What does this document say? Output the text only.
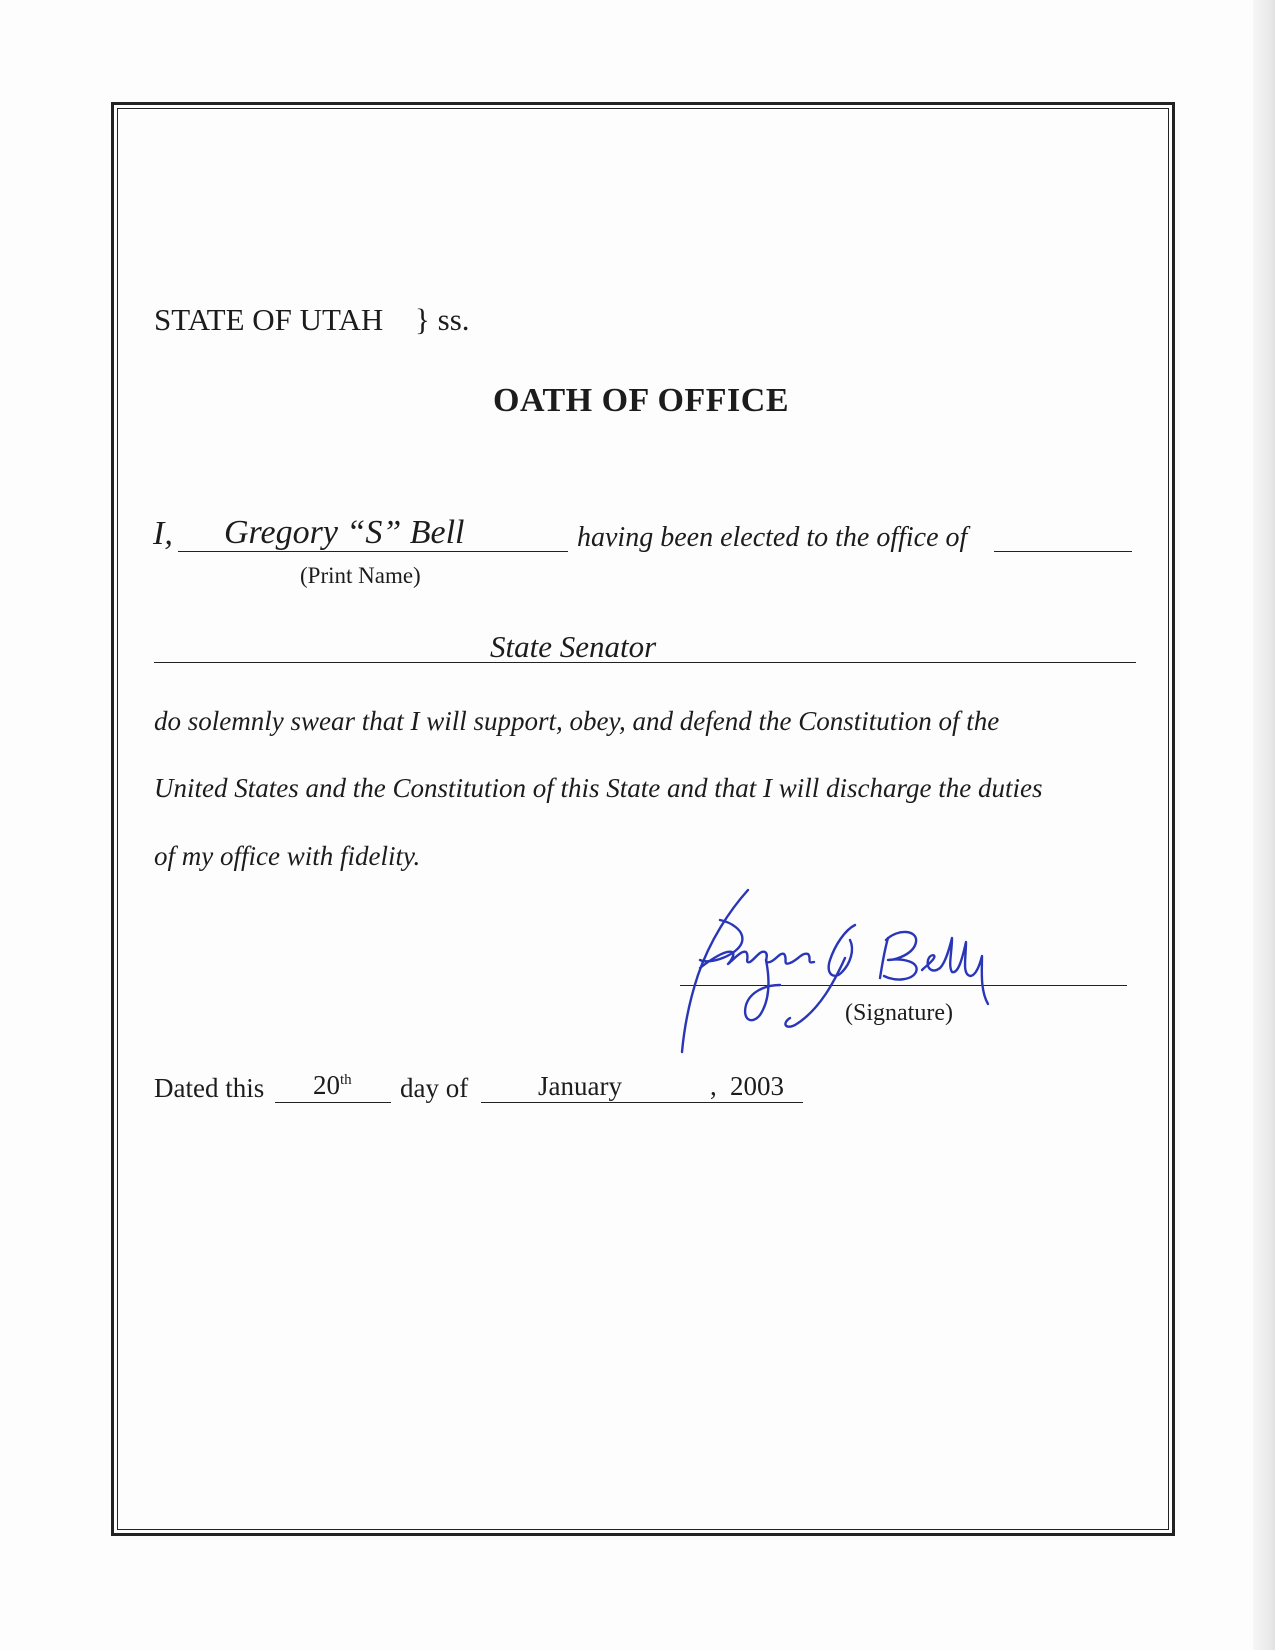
STATE OF UTAH } ss.
OATH OF OFFICE
I, Gregory “S” Bell	having been elected to the office of
(Print Name)
State Senator
do solemnly swear that I will support, obey, and defend the Constitution of the
United States and the Constitution of this State and that I will discharge the duties
of my office with fidelity.
(Signature)
Dated this 20th day of	January	, 2003
